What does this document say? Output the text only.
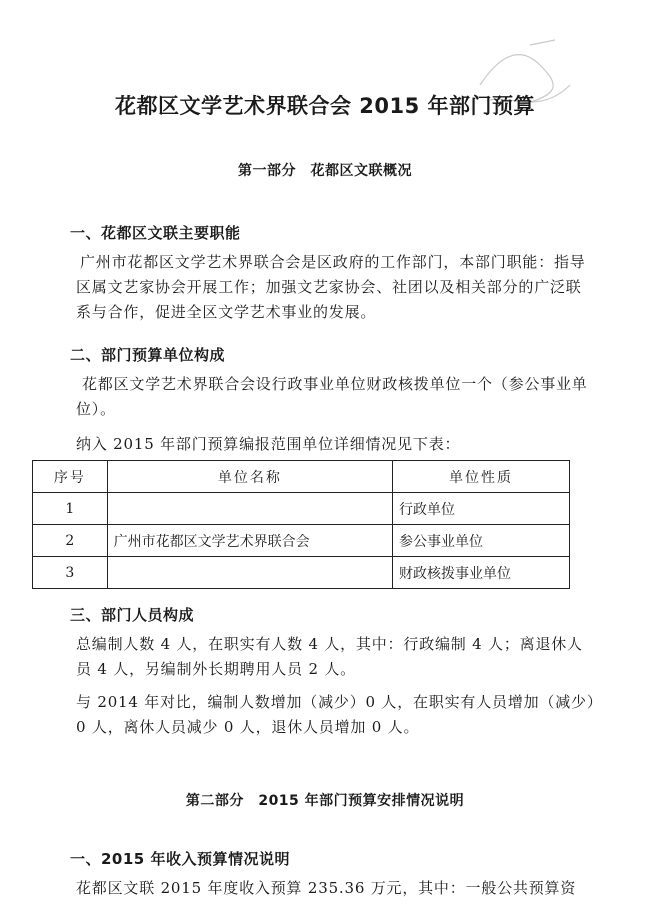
花都区文学艺术界联合会 2015 年部门预算
第一部分　花都区文联概况
一、花都区文联主要职能
广州市花都区文学艺术界联合会是区政府的工作部门，本部门职能：指导区属文艺家协会开展工作；加强文艺家协会、社团以及相关部分的广泛联系与合作，促进全区文学艺术事业的发展。
二、部门预算单位构成
花都区文学艺术界联合会设行政事业单位财政核拨单位一个（参公事业单位）。
纳入 2015 年部门预算编报范围单位详细情况见下表：
序号	单位名称	单位性质
1		行政单位
2	广州市花都区文学艺术界联合会	参公事业单位
3		财政核拨事业单位
三、部门人员构成
总编制人数 4 人，在职实有人数 4 人，其中：行政编制 4 人；离退休人员 4 人，另编制外长期聘用人员 2 人。
与 2014 年对比，编制人数增加（减少）0 人，在职实有人员增加（减少）0 人，离休人员减少 0 人，退休人员增加 0 人。
第二部分　2015 年部门预算安排情况说明
一、2015 年收入预算情况说明
花都区文联 2015 年度收入预算 235.36 万元，其中：一般公共预算资
